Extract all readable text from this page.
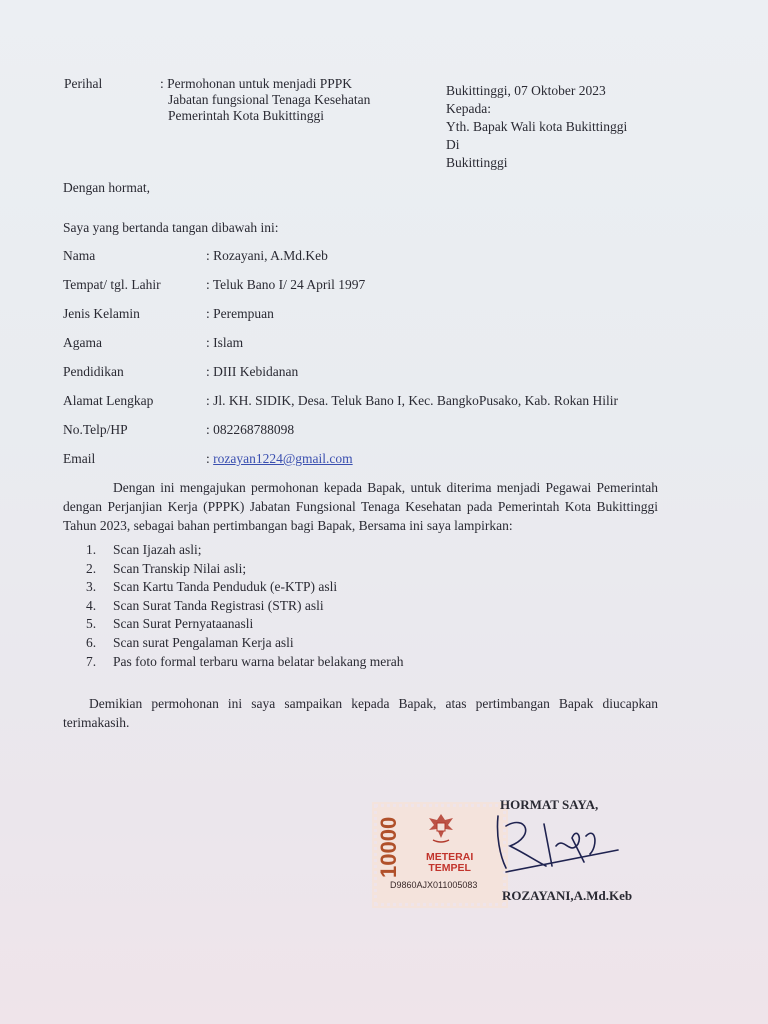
Perihal	: Permohonan untuk menjadi PPPK
Jabatan fungsional Tenaga Kesehatan
Pemerintah Kota Bukittinggi
Bukittinggi, 07 Oktober 2023
Kepada:
Yth. Bapak Wali kota Bukittinggi
Di
Bukittinggi
Dengan hormat,
Saya yang bertanda tangan dibawah ini:
Nama	: Rozayani, A.Md.Keb
Tempat/ tgl. Lahir	: Teluk Bano I/ 24 April 1997
Jenis Kelamin	: Perempuan
Agama	: Islam
Pendidikan	: DIII Kebidanan
Alamat Lengkap	: Jl. KH. SIDIK, Desa. Teluk Bano I, Kec. BangkoPusako, Kab. Rokan Hilir
No.Telp/HP	: 082268788098
Email	: rozayan1224@gmail.com
Dengan ini mengajukan permohonan kepada Bapak, untuk diterima menjadi Pegawai Pemerintah dengan Perjanjian Kerja (PPPK) Jabatan Fungsional Tenaga Kesehatan pada Pemerintah Kota Bukittinggi Tahun 2023, sebagai bahan pertimbangan bagi Bapak, Bersama ini saya lampirkan:
1. Scan Ijazah asli;
2. Scan Transkip Nilai asli;
3. Scan Kartu Tanda Penduduk (e-KTP) asli
4. Scan Surat Tanda Registrasi (STR) asli
5. Scan Surat Pernyataanasli
6. Scan surat Pengalaman Kerja asli
7. Pas foto formal terbaru warna belatar belakang merah
Demikian permohonan ini saya sampaikan kepada Bapak, atas pertimbangan Bapak diucapkan terimakasih.
10000 METERAI
TEMPEL
D9860AJX011005083
HORMAT SAYA,
ROZAYANI,A.Md.Keb
